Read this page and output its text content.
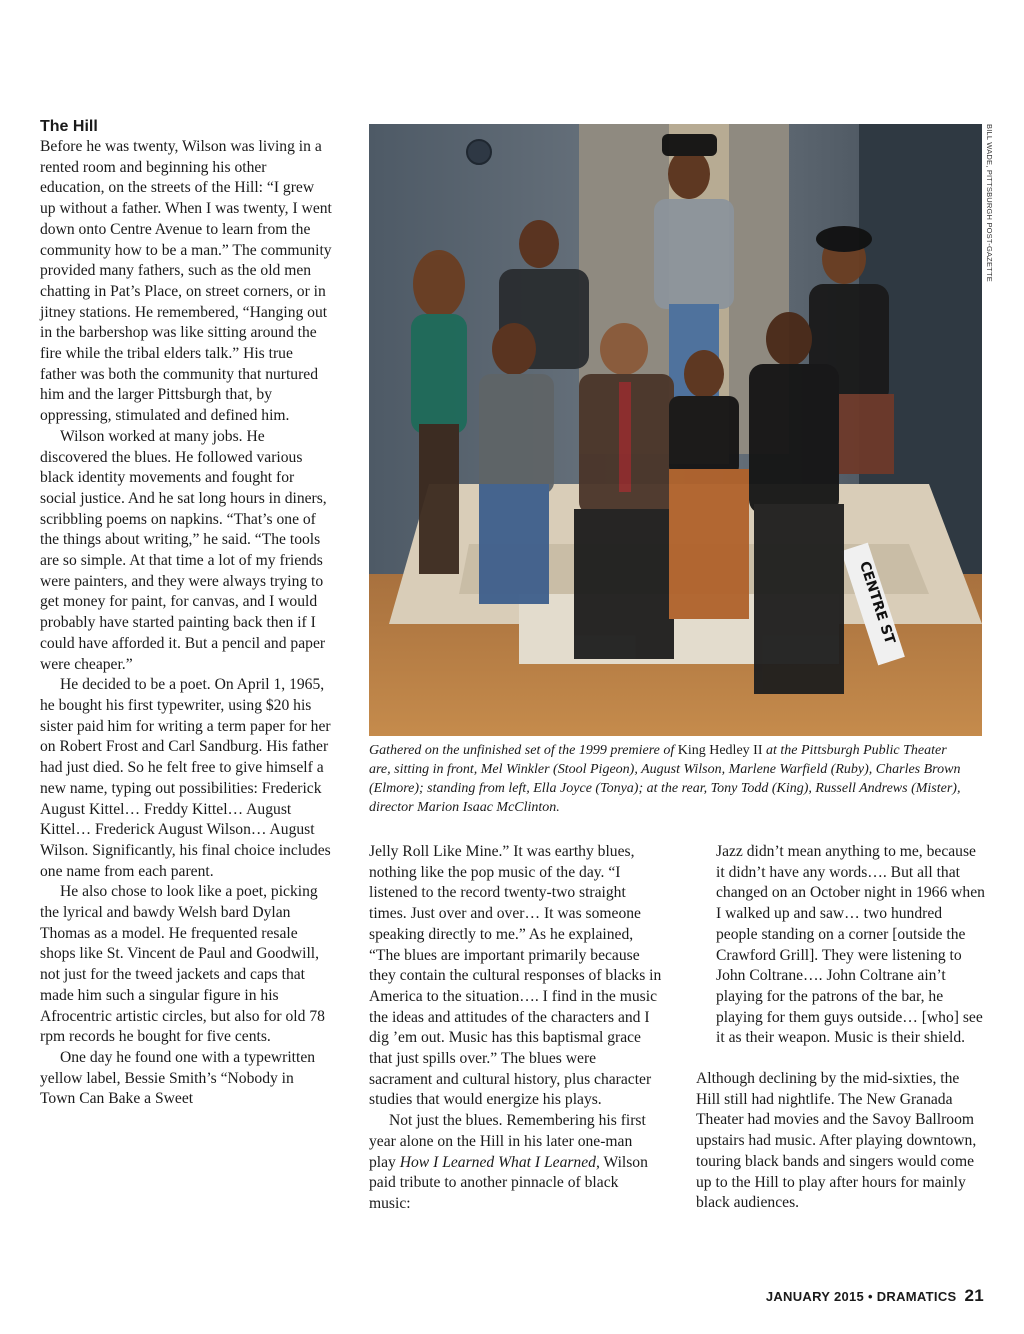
The Hill

Before he was twenty, Wilson was living in a rented room and beginning his other education, on the streets of the Hill: “I grew up without a father. When I was twenty, I went down onto Centre Avenue to learn from the community how to be a man.” The community provided many fathers, such as the old men chatting in Pat’s Place, on street corners, or in jitney stations. He remembered, “Hanging out in the barbershop was like sitting around the fire while the tribal elders talk.” His true father was both the community that nurtured him and the larger Pittsburgh that, by oppressing, stimulated and defined him.

Wilson worked at many jobs. He discovered the blues. He followed various black identity movements and fought for social justice. And he sat long hours in diners, scribbling poems on napkins. “That’s one of the things about writing,” he said. “The tools are so simple. At that time a lot of my friends were painters, and they were always trying to get money for paint, for canvas, and I would probably have started painting back then if I could have afforded it. But a pencil and paper were cheaper.”

He decided to be a poet. On April 1, 1965, he bought his first typewriter, using $20 his sister paid him for writing a term paper for her on Robert Frost and Carl Sandburg. His father had just died. So he felt free to give himself a new name, typing out possibilities: Frederick August Kittel… Freddy Kittel… August Kittel… Frederick August Wilson… August Wilson. Significantly, his final choice includes one name from each parent.

He also chose to look like a poet, picking the lyrical and bawdy Welsh bard Dylan Thomas as a model. He frequented resale shops like St. Vincent de Paul and Goodwill, not just for the tweed jackets and caps that made him such a singular figure in his Afrocentric artistic circles, but also for old 78 rpm records he bought for five cents.

One day he found one with a typewritten yellow label, Bessie Smith’s “Nobody in Town Can Bake a Sweet

CENTRE ST
BILL WADE, PITTSBURGH POST-GAZETTE
Gathered on the unfinished set of the 1999 premiere of King Hedley II at the Pittsburgh Public Theater are, sitting in front, Mel Winkler (Stool Pigeon), August Wilson, Marlene Warfield (Ruby), Charles Brown (Elmore); standing from left, Ella Joyce (Tonya); at the rear, Tony Todd (King), Russell Andrews (Mister), director Marion Isaac McClinton.

Jelly Roll Like Mine.” It was earthy blues, nothing like the pop music of the day. “I listened to the record twenty-two straight times. Just over and over… It was someone speaking directly to me.” As he explained, “The blues are important primarily because they contain the cultural responses of blacks in America to the situation…. I find in the music the ideas and attitudes of the characters and I dig ’em out. Music has this baptismal grace that just spills over.” The blues were sacrament and cultural history, plus character studies that would energize his plays.

Not just the blues. Remembering his first year alone on the Hill in his later one-man play How I Learned What I Learned, Wilson paid tribute to another pinnacle of black music:

Jazz didn’t mean anything to me, because it didn’t have any words…. But all that changed on an October night in 1966 when I walked up and saw… two hundred people standing on a corner [outside the Crawford Grill]. They were listening to John Coltrane…. John Coltrane ain’t playing for the patrons of the bar, he playing for them guys outside… [who] see it as their weapon. Music is their shield.

Although declining by the mid-sixties, the Hill still had nightlife. The New Granada Theater had movies and the Savoy Ballroom upstairs had music. After playing downtown, touring black bands and singers would come up to the Hill to play after hours for mainly black audiences.

JANUARY 2015 • DRAMATICS 21
